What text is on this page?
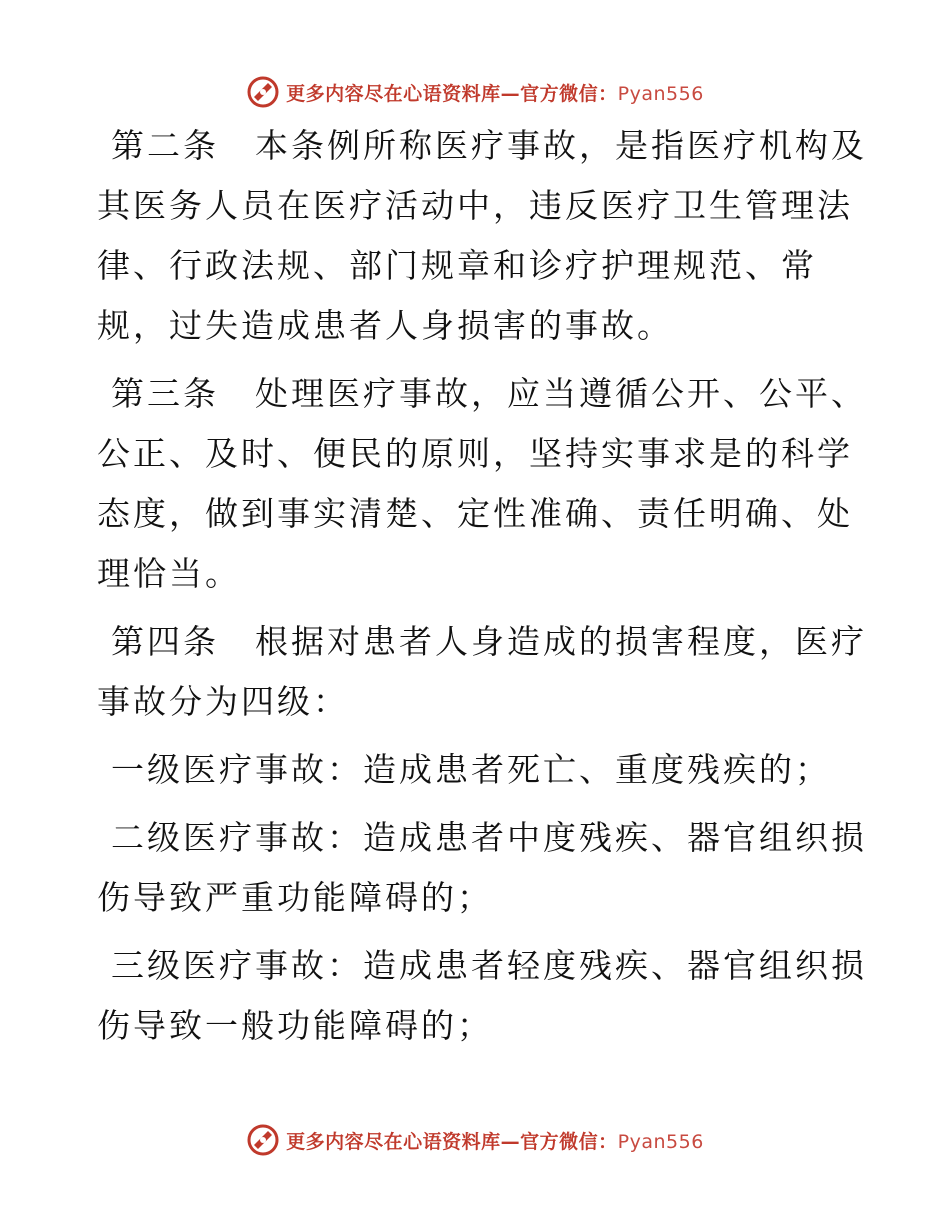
更多内容尽在心语资料库—官方微信：Pyan556

第二条　本条例所称医疗事故，是指医疗机构及其医务人员在医疗活动中，违反医疗卫生管理法律、行政法规、部门规章和诊疗护理规范、常规，过失造成患者人身损害的事故。

第三条　处理医疗事故，应当遵循公开、公平、公正、及时、便民的原则，坚持实事求是的科学态度，做到事实清楚、定性准确、责任明确、处理恰当。

第四条　根据对患者人身造成的损害程度，医疗事故分为四级：

一级医疗事故：造成患者死亡、重度残疾的；

二级医疗事故：造成患者中度残疾、器官组织损伤导致严重功能障碍的；

三级医疗事故：造成患者轻度残疾、器官组织损伤导致一般功能障碍的；

更多内容尽在心语资料库—官方微信：Pyan556
